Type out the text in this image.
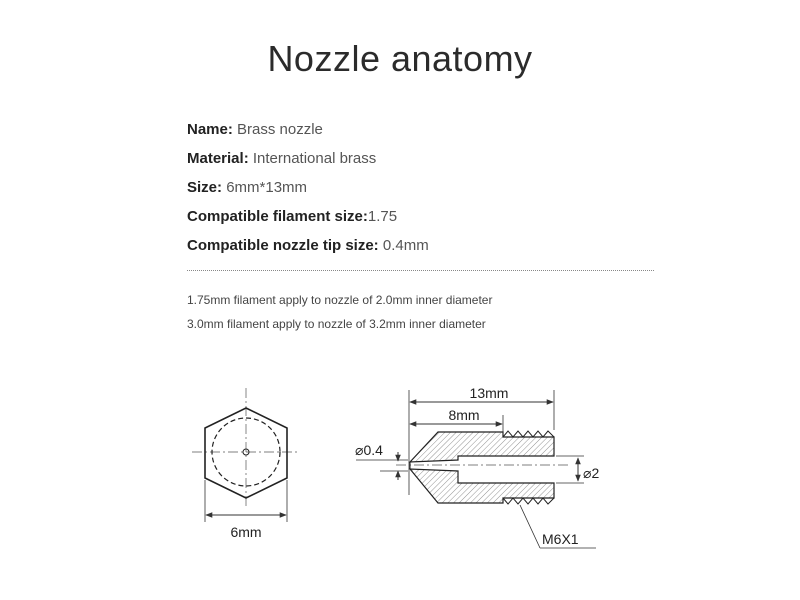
Nozzle anatomy
Name: Brass nozzle
Material: International brass
Size: 6mm*13mm
Compatible filament size:1.75
Compatible nozzle tip size: 0.4mm
1.75mm filament apply to nozzle of 2.0mm inner diameter
3.0mm filament apply to nozzle of 3.2mm inner diameter
6mm
13mm
8mm
⌀0.4
⌀2
M6X1
